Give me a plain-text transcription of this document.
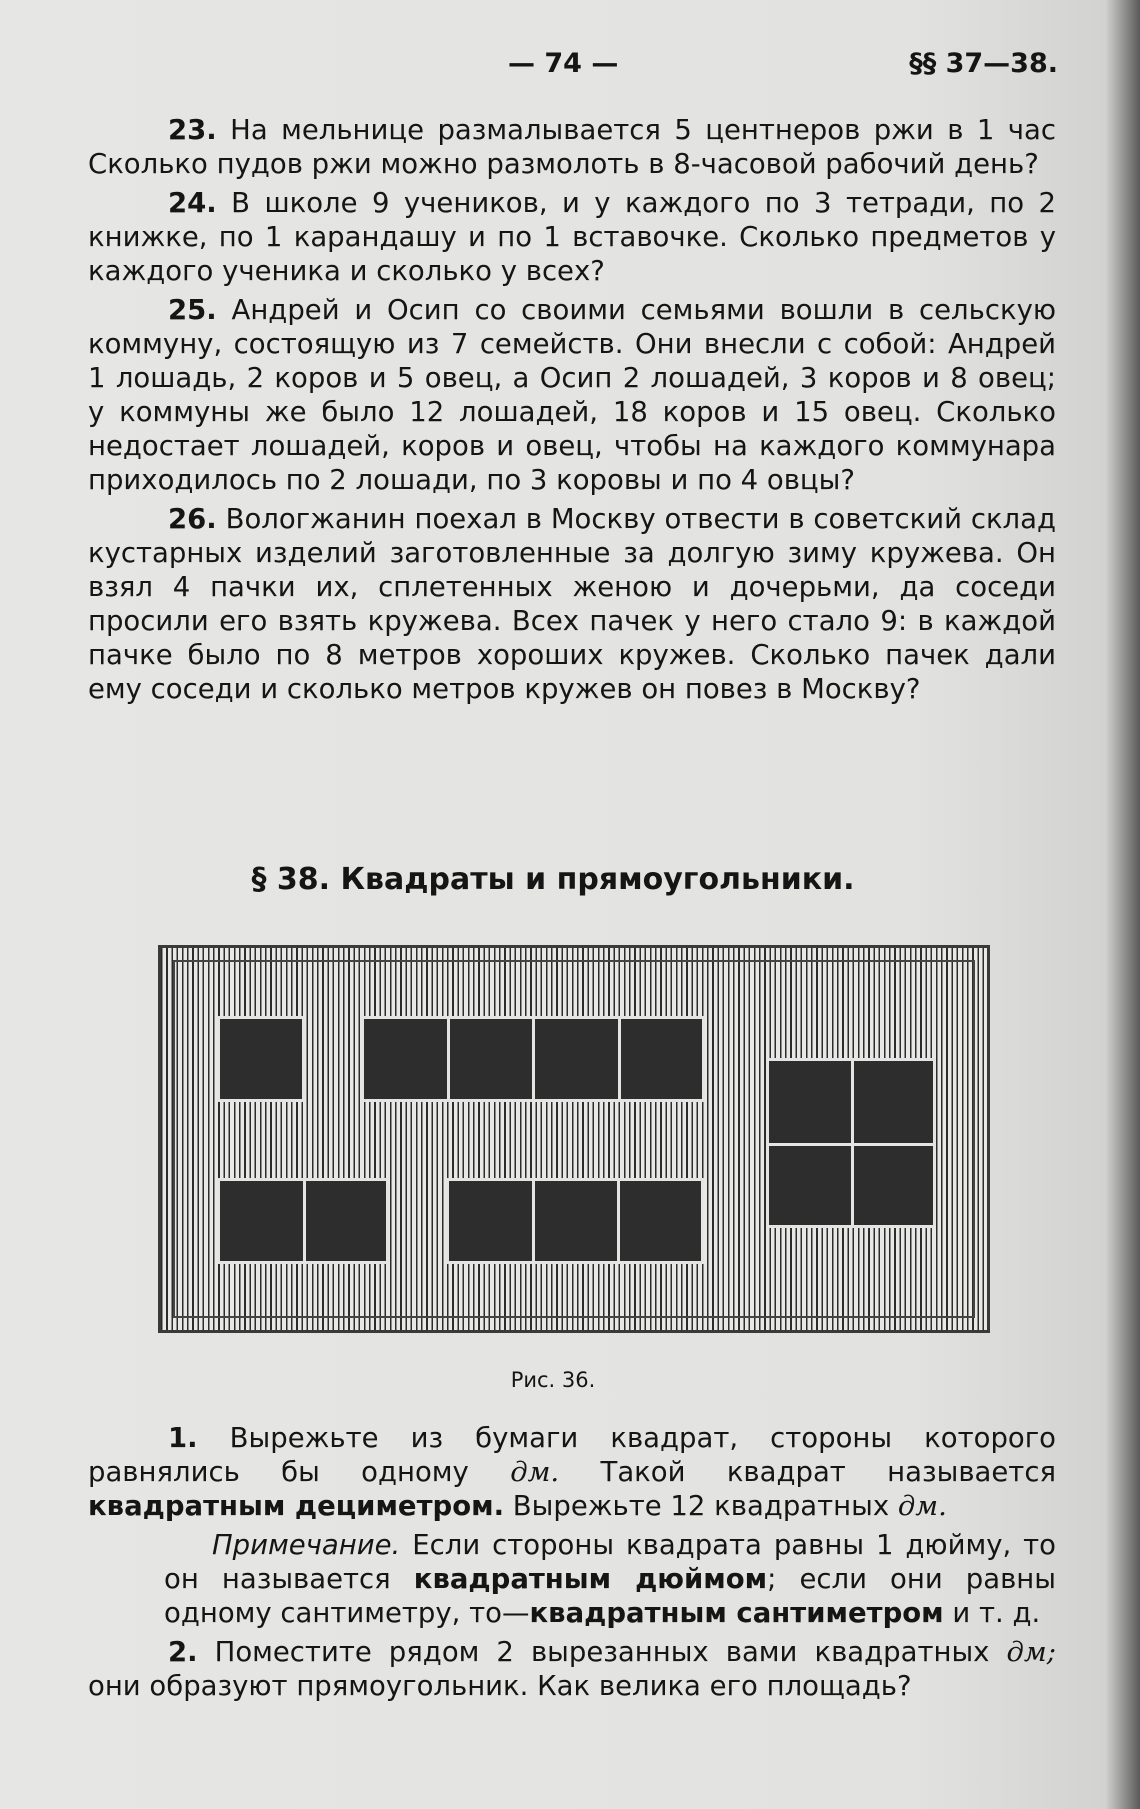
— 74 —	§§ 37—38.

23. На мельнице размалывается 5 центнеров ржи в 1 час Сколько пудов ржи можно размолоть в 8-часовой рабочий день?

24. В школе 9 учеников, и у каждого по 3 тетради, по 2 книжке, по 1 карандашу и по 1 вставочке. Сколько предметов у каждого ученика и сколько у всех?

25. Андрей и Осип со своими семьями вошли в сельскую коммуну, состоящую из 7 семейств. Они внесли с собой: Андрей 1 лошадь, 2 коров и 5 овец, а Осип 2 лошадей, 3 коров и 8 овец; у коммуны же было 12 лошадей, 18 коров и 15 овец. Сколько недостает лошадей, коров и овец, чтобы на каждого коммунара приходилось по 2 лошади, по 3 коровы и по 4 овцы?

26. Вологжанин поехал в Москву отвести в советский склад кустарных изделий заготовленные за долгую зиму кружева. Он взял 4 пачки их, сплетенных женою и дочерьми, да соседи просили его взять кружева. Всех пачек у него стало 9: в каждой пачке было по 8 метров хороших кружев. Сколько пачек дали ему соседи и сколько метров кружев он повез в Москву?

§ 38. Квадраты и прямоугольники.
Рис. 36.

1. Вырежьте из бумаги квадрат, стороны которого равнялись бы одному дм. Такой квадрат называется квадратным дециметром. Вырежьте 12 квадратных дм.

Примечание. Если стороны квадрата равны 1 дюйму, то он называется квадратным дюймом; если они равны одному сантиметру, то—квадратным сантиметром и т. д.

2. Поместите рядом 2 вырезанных вами квадратных дм; они образуют прямоугольник. Как велика его площадь?
